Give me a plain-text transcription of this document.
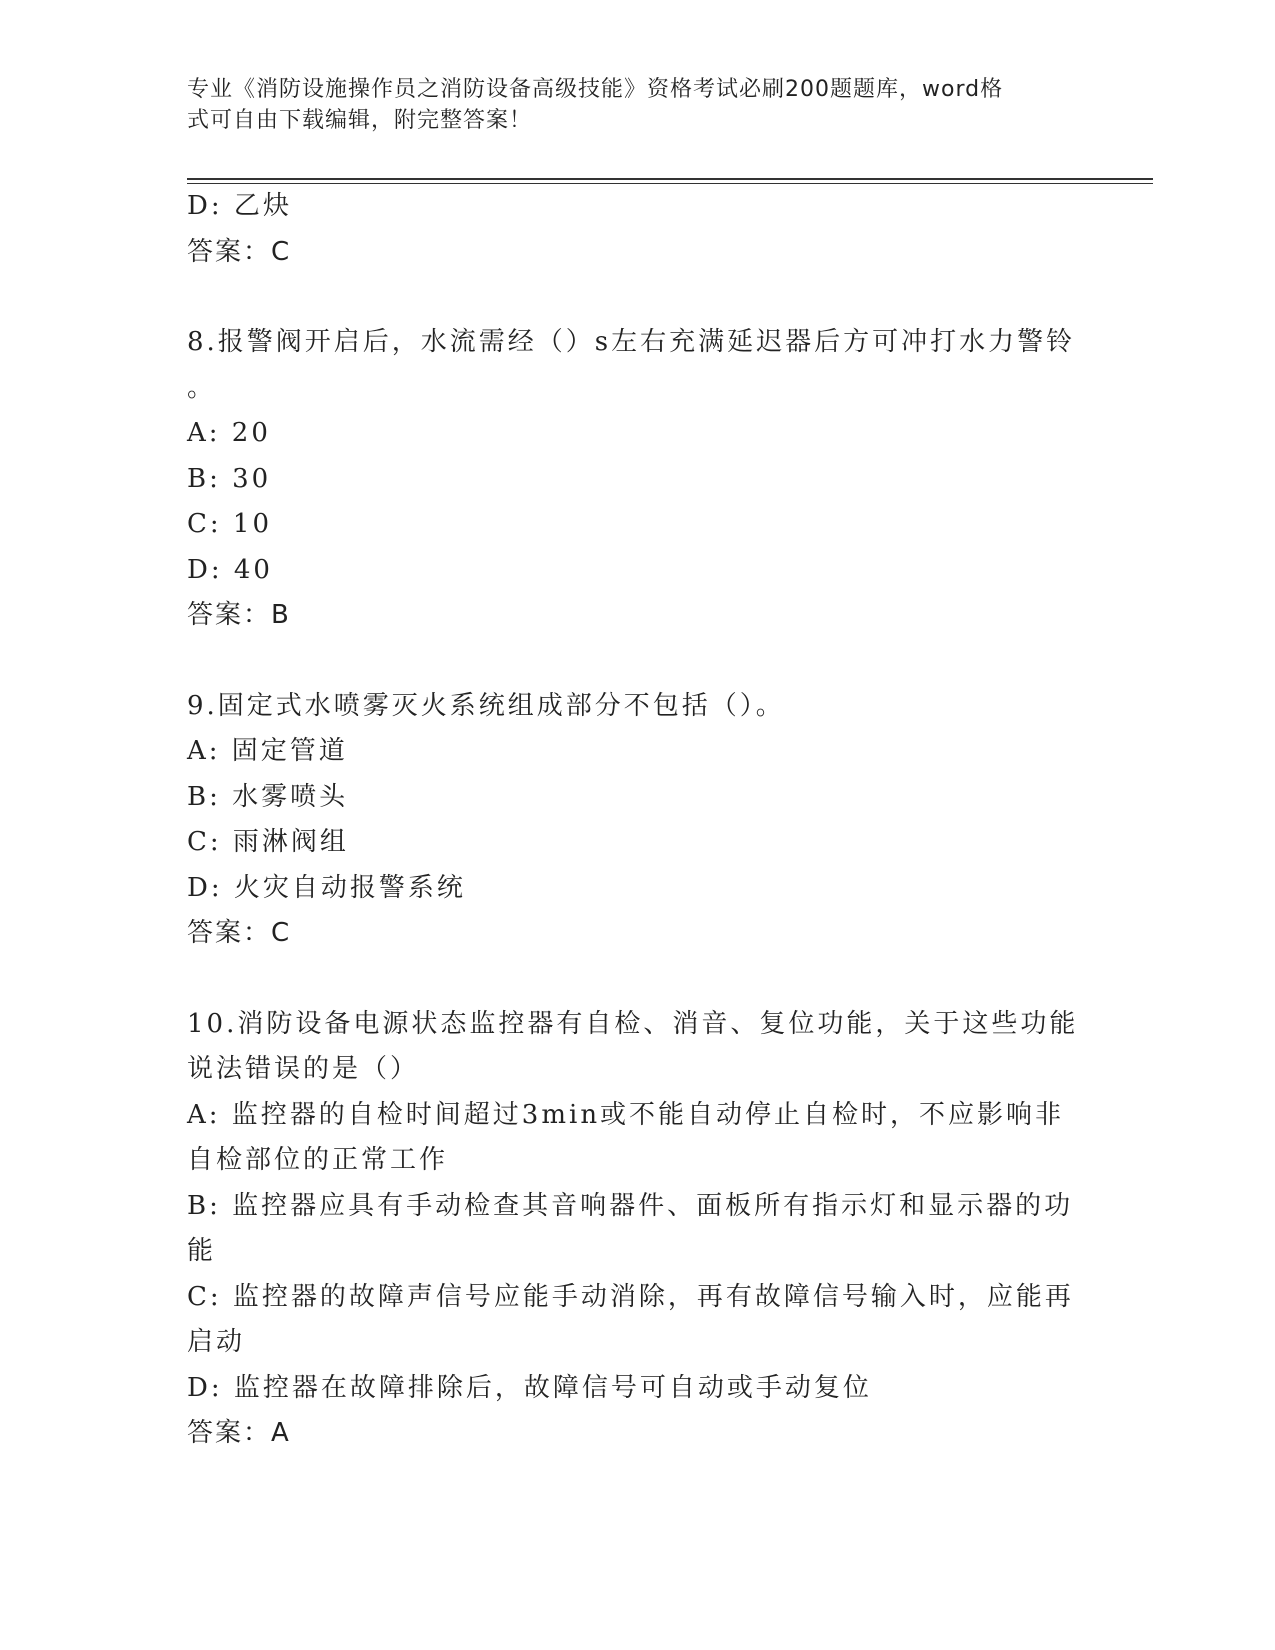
专业《消防设施操作员之消防设备高级技能》资格考试必刷200题题库，word格
式可自由下载编辑，附完整答案！
D: 乙炔
答案：C
8.报警阀开启后，水流需经（）s左右充满延迟器后方可冲打水力警铃
。
A: 20
B: 30
C: 10
D: 40
答案：B
9.固定式水喷雾灭火系统组成部分不包括（）。
A: 固定管道
B: 水雾喷头
C: 雨淋阀组
D: 火灾自动报警系统
答案：C
10.消防设备电源状态监控器有自检、消音、复位功能，关于这些功能
说法错误的是（）
A: 监控器的自检时间超过3min或不能自动停止自检时，不应影响非
自检部位的正常工作
B: 监控器应具有手动检查其音响器件、面板所有指示灯和显示器的功
能
C: 监控器的故障声信号应能手动消除，再有故障信号输入时，应能再
启动
D: 监控器在故障排除后，故障信号可自动或手动复位
答案：A
